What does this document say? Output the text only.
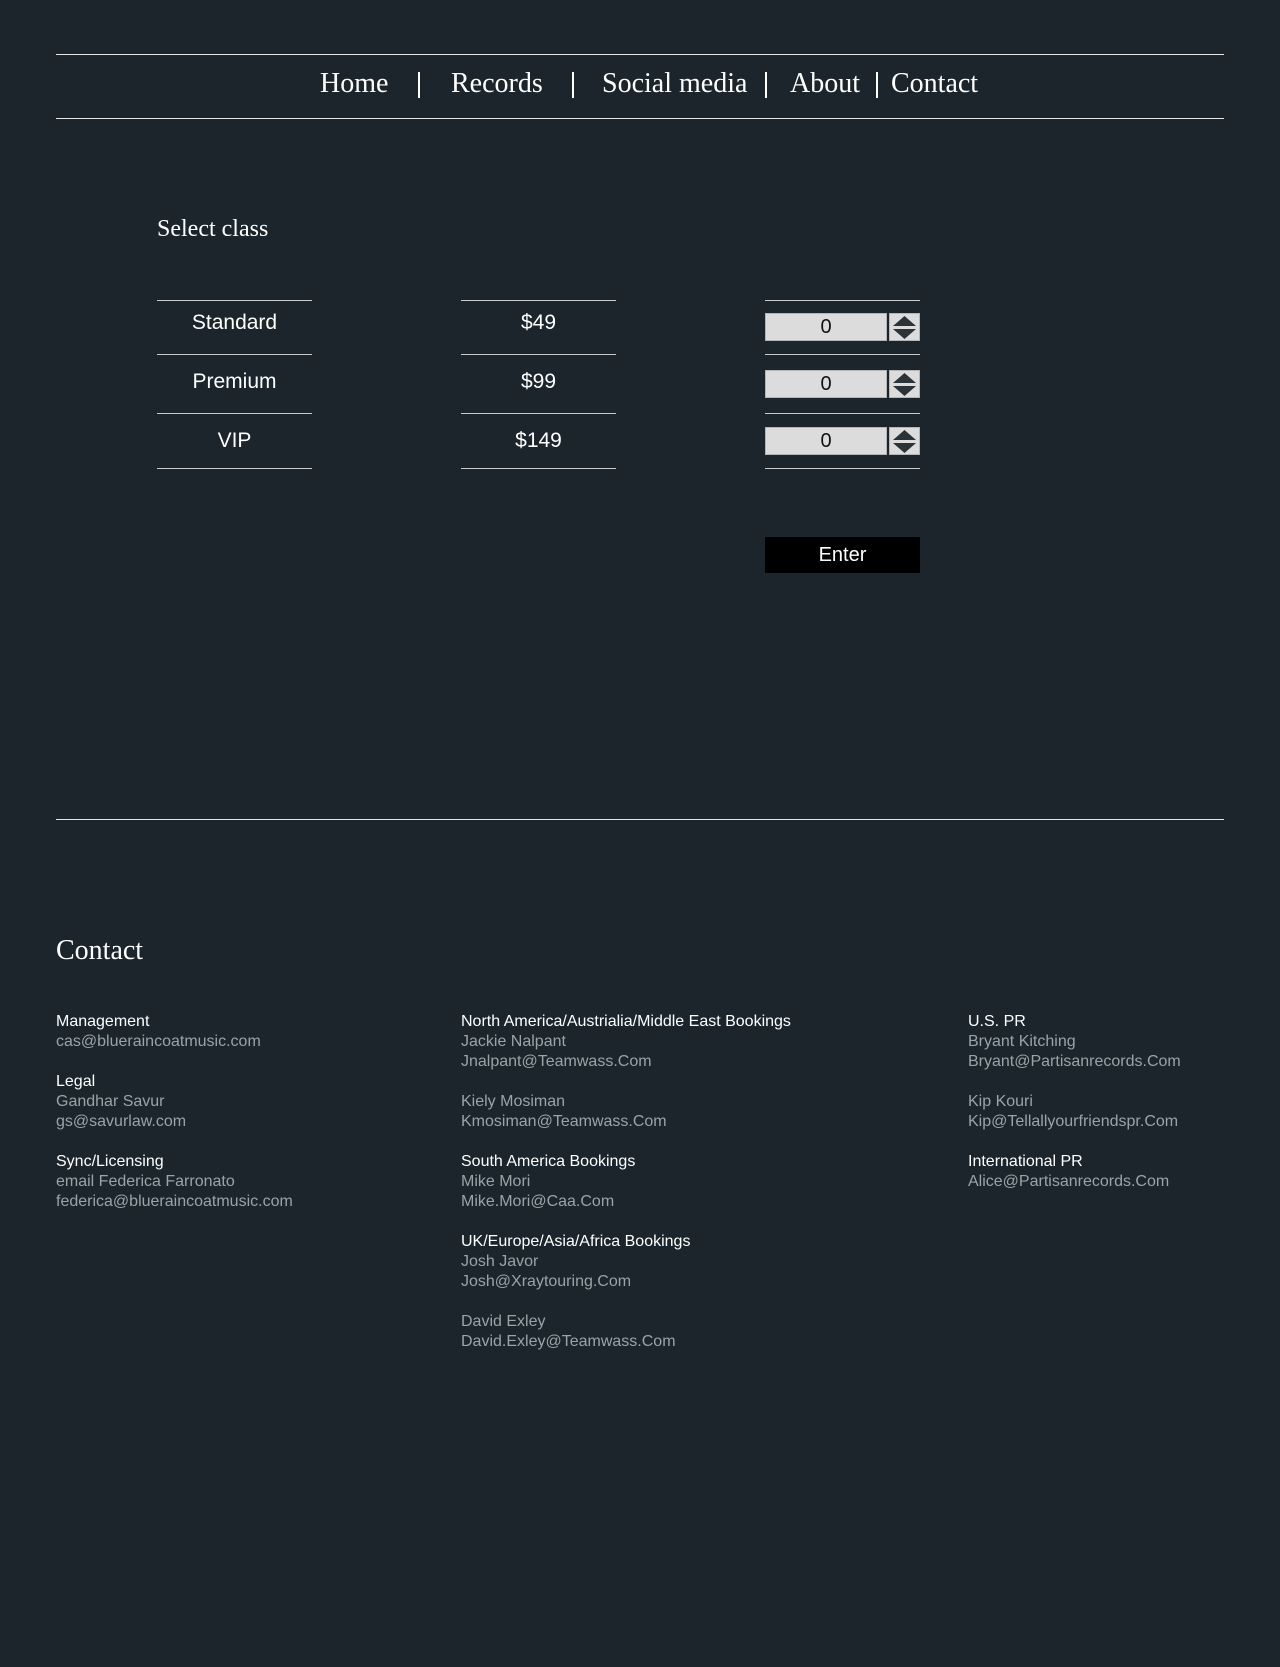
Home Records Social media About Contact
Select class
Standard
Premium
VIP
$49
$99
$149
0
0
0
Enter
Contact
Management
cas@blueraincoatmusic.com
Legal
Gandhar Savur
gs@savurlaw.com
Sync/Licensing
email Federica Farronato
federica@blueraincoatmusic.com
North America/Austrialia/Middle East Bookings
Jackie Nalpant
Jnalpant@Teamwass.Com
Kiely Mosiman
Kmosiman@Teamwass.Com
South America Bookings
Mike Mori
Mike.Mori@Caa.Com
UK/Europe/Asia/Africa Bookings
Josh Javor
Josh@Xraytouring.Com
David Exley
David.Exley@Teamwass.Com
U.S. PR
Bryant Kitching
Bryant@Partisanrecords.Com
Kip Kouri
Kip@Tellallyourfriendspr.Com
International PR
Alice@Partisanrecords.Com
